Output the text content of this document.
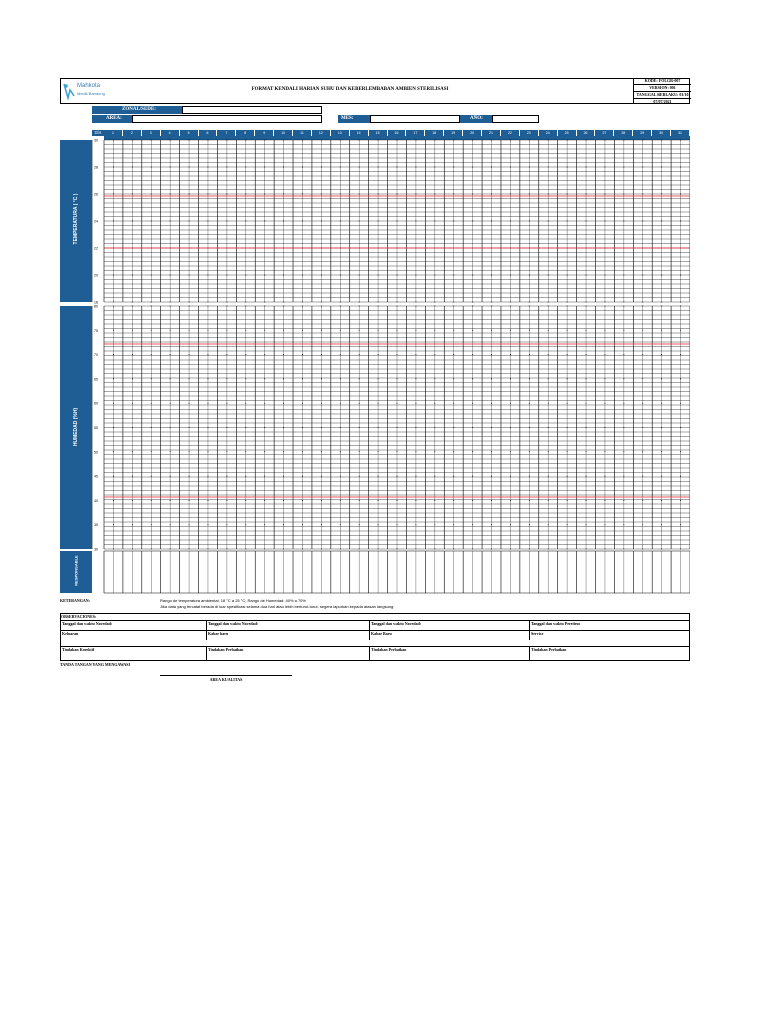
Mahkota
Medik Bandung
FORMAT KENDALI HARIAN SUHU DAN KEBERLEMBABAN AMBIEN STERILISASI
KODE: FOLGR-007
VERSION: 001
TANGGAL BERLAKU: 01/10
07/07/2021
ZONAL/SEDE:
AREA:	MES:	AÑO:
DÍA	1	2	3	4	5	6	7	8	9	10	11	12	13	14	15	16	17	18	19	20	21	22	23	24	25	26	27	28	29	30	31
TEMPERATURA ( °C )
HUMEDAD (%H)
RESPONSABLE
30
28
26
24
22
20
18
80
75
70
65
60
55
50
45
40
35
30
KETERANGAN:	Rango de temperatura ambiental: 18 °C a 25 °C; Rango de Humedad: 40% a 70%
Jika data yang tercatat berada di luar spesifikasi selama dua hari atau lebih berturut-turut, segera laporkan kepada atasan langsung.
OBSERVACIONES:
Tanggal dan waktu Navedad:	Tanggal dan waktu Navedad:	Tanggal dan waktu Navedad:	Tanggal dan waktu Pereiteso
Keluaran	Kabar baru	Kabar Baru	Service
Tindakan Korektif	Tindakan Perbaikan	Tindakan Perbaikan	Tindakan Perbaikan
TANDA TANGAN YANG MENGAWASI
AREA KUALITAS
